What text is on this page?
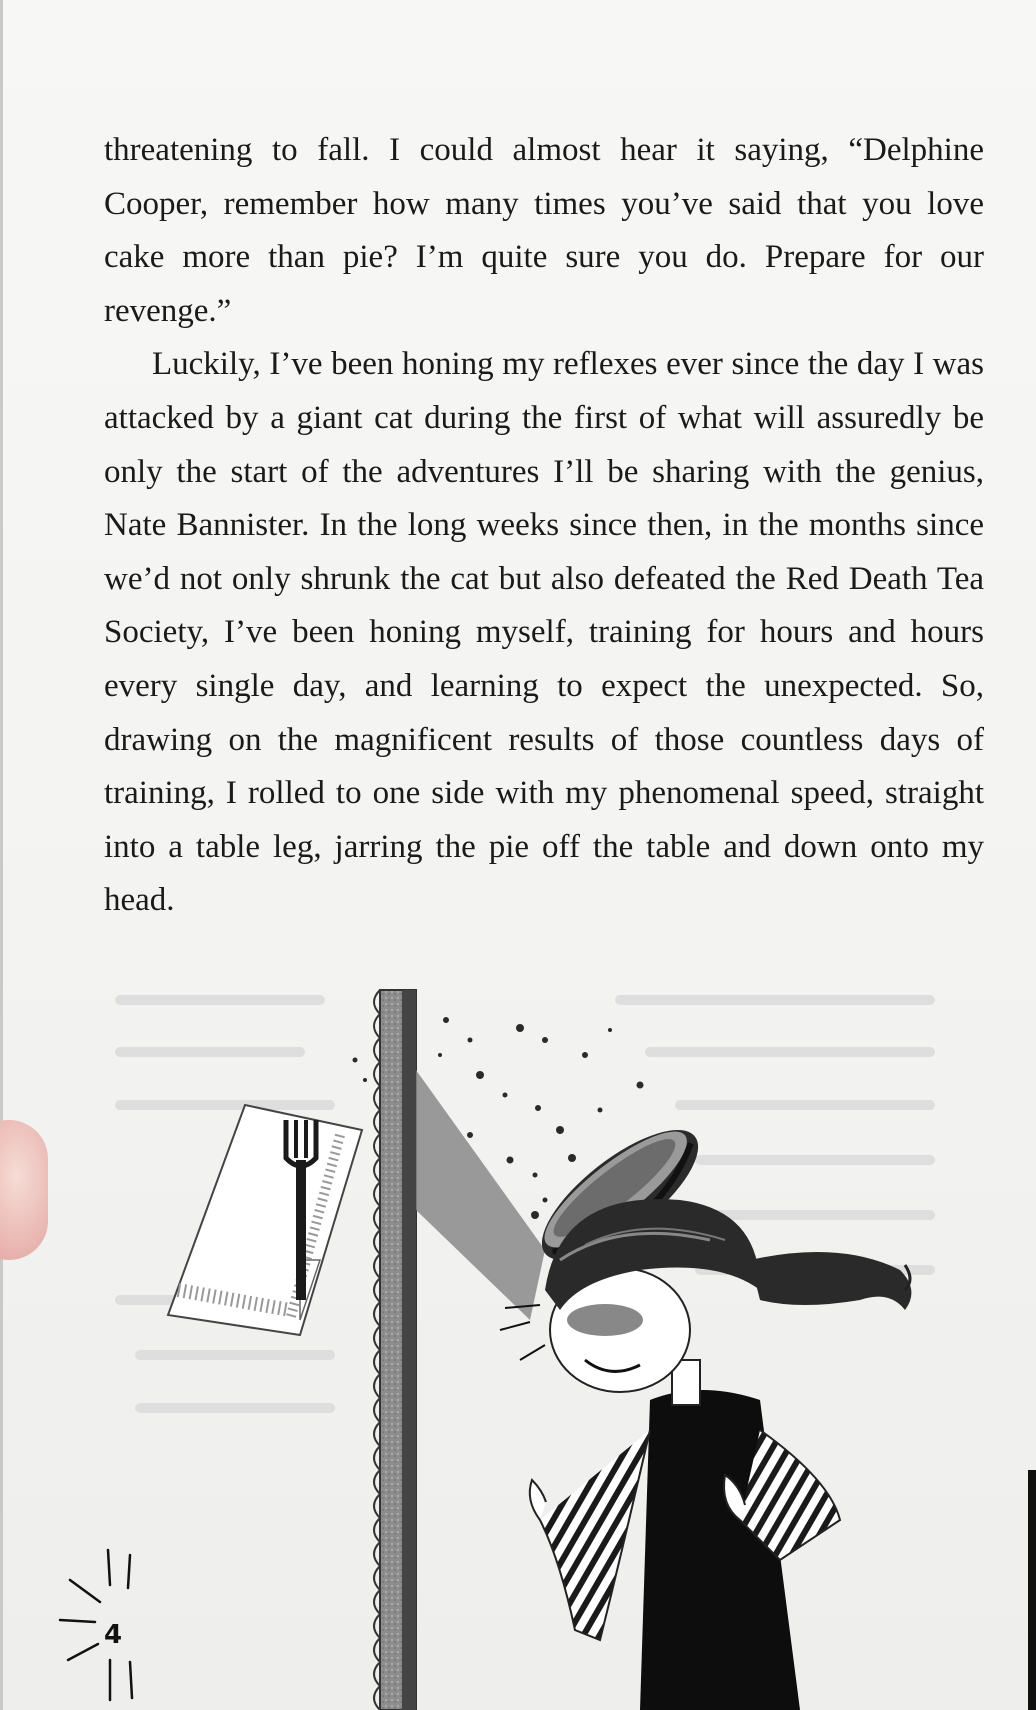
threatening to fall. I could almost hear it saying, “Delphine Cooper, remember how many times you’ve said that you love cake more than pie? I’m quite sure you do. Prepare for our revenge.”

Luckily, I’ve been honing my reflexes ever since the day I was attacked by a giant cat during the first of what will assuredly be only the start of the adventures I’ll be sharing with the genius, Nate Bannister. In the long weeks since then, in the months since we’d not only shrunk the cat but also defeated the Red Death Tea Society, I’ve been honing myself, training for hours and hours every single day, and learning to expect the unexpected. So, drawing on the magnificent results of those countless days of training, I rolled to one side with my phenomenal speed, straight into a table leg, jarring the pie off the table and down onto my head.

4
